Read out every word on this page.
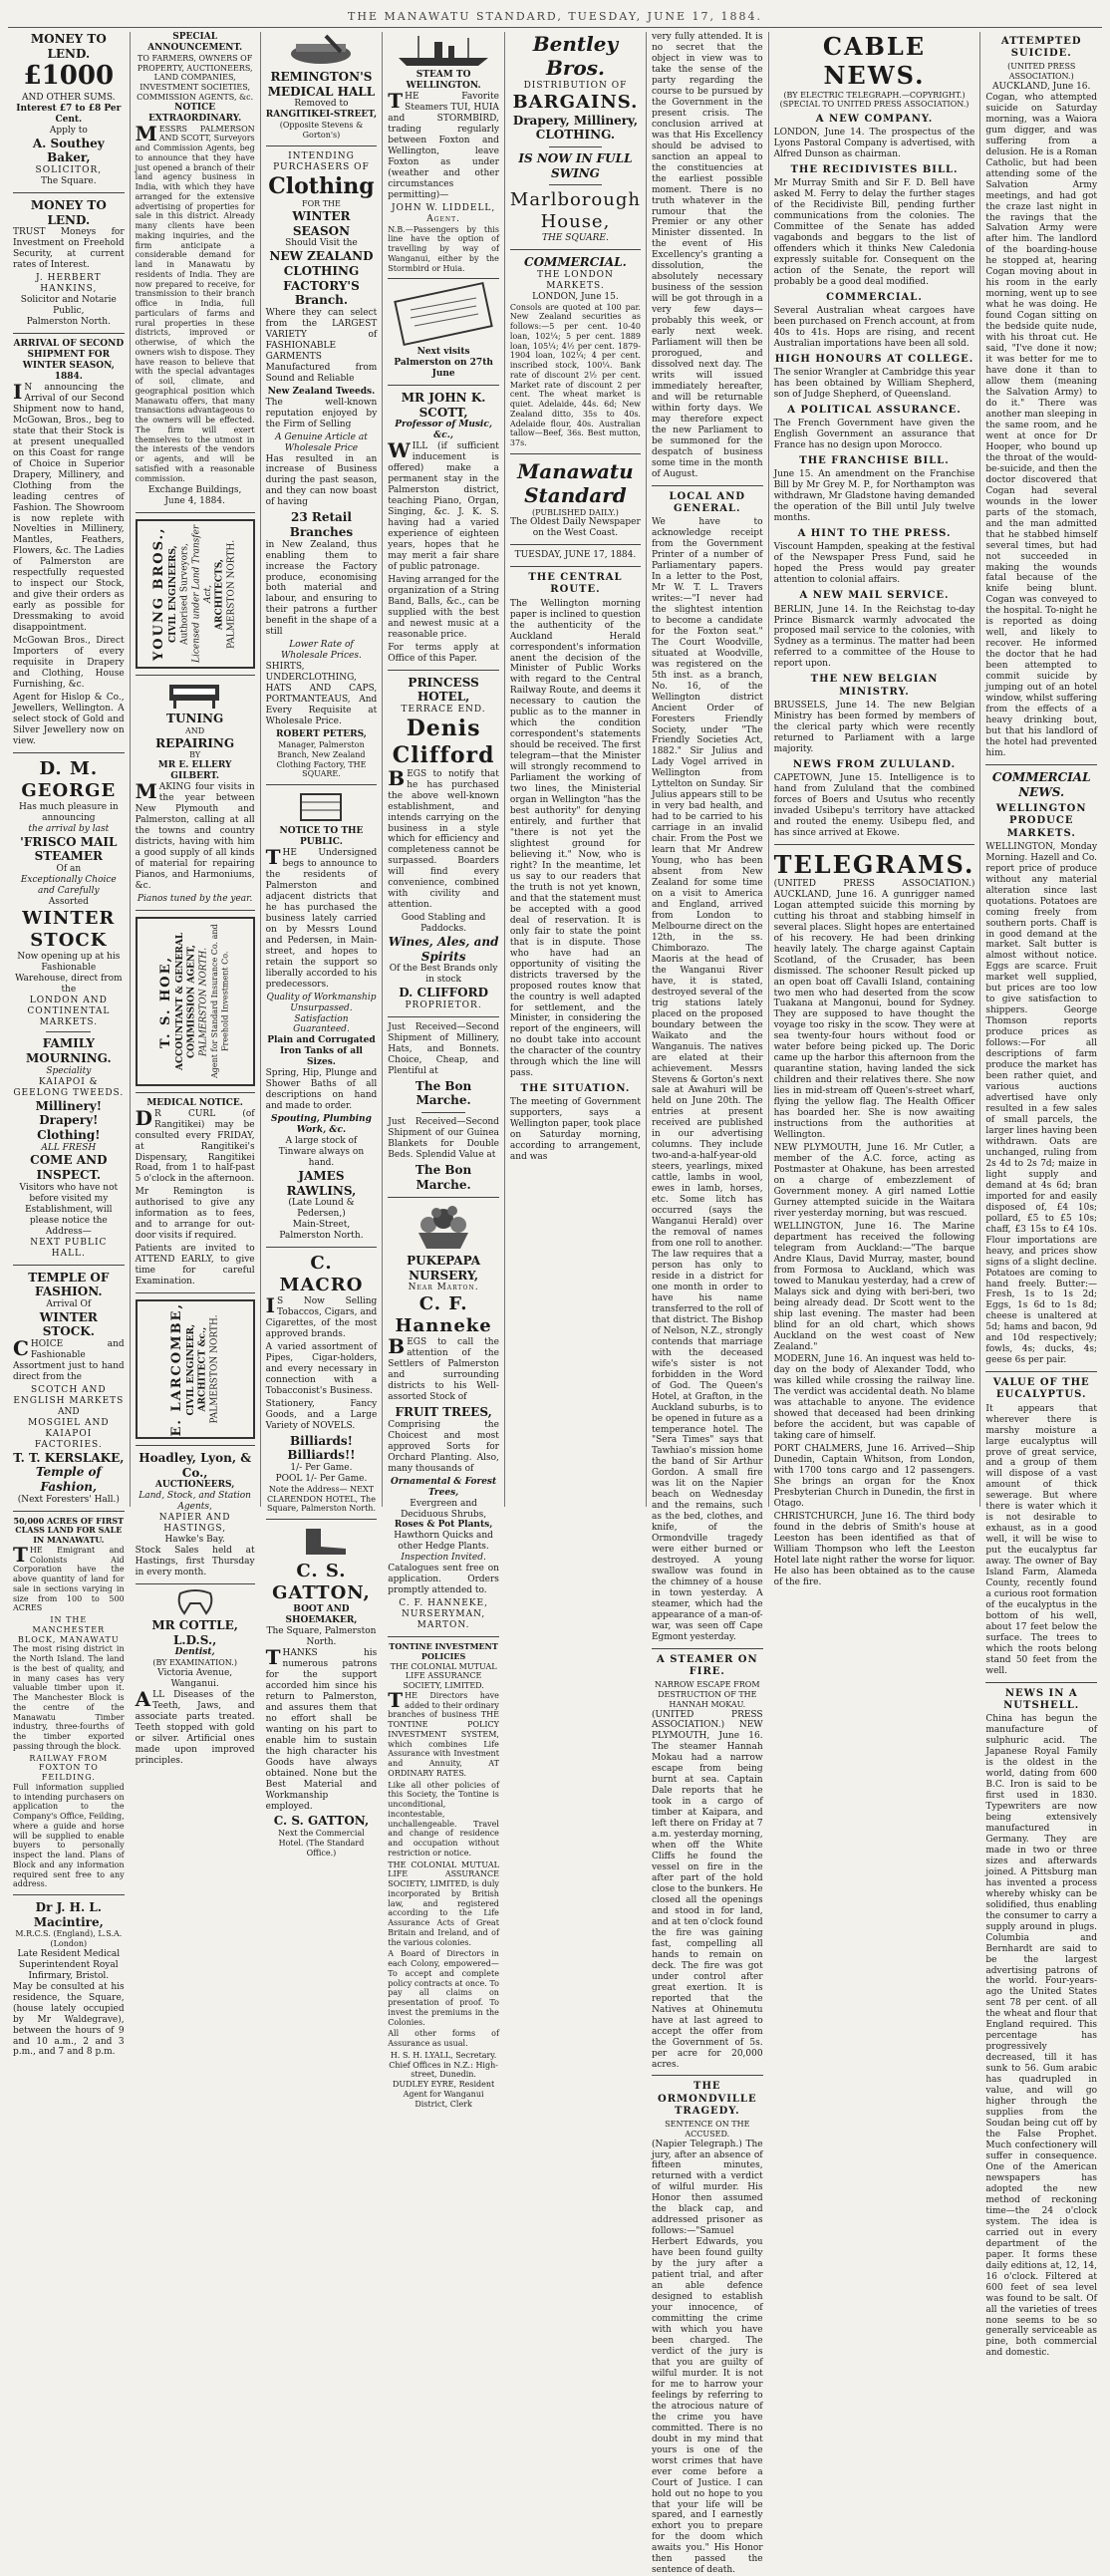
THE MANAWATU STANDARD, TUESDAY, JUNE 17, 1884.
MONEY TO LEND.
£1000
AND OTHER SUMS.
Interest £7 to £8 Per Cent.
Apply to
A. Southey Baker,
SOLICITOR,
The Square.
MONEY TO LEND.

TRUST Moneys for Investment on Freehold Security, at current rates of Interest.

J. HERBERT HANKINS,
Solicitor and Notarie Public,
Palmerston North.
ARRIVAL OF SECOND SHIPMENT FOR WINTER SEASON, 1884.

IN announcing the Arrival of our Second Shipment now to hand, McGowan, Bros., beg to state that their Stock is at present unequalled on this Coast for range of Choice in Superior Drapery, Millinery, and Clothing from the leading centres of Fashion. The Showroom is now replete with Novelties in Millinery, Mantles, Feathers, Flowers, &c. The Ladies of Palmerston are respectfully requested to inspect our Stock, and give their orders as early as possible for Dressmaking to avoid disappointment.

McGowan Bros., Direct Importers of every requisite in Drapery and Clothing, House Furnishing, &c.

Agent for Hislop & Co., Jewellers, Wellington. A select stock of Gold and Silver Jewellery now on view.

D. M. GEORGE
Has much pleasure in announcing
the arrival by last
'FRISCO MAIL STEAMER
Of an
Exceptionally Choice and Carefully
Assorted
WINTER STOCK
Now opening up at his Fashionable
Warehouse, direct from the
LONDON AND CONTINENTAL
MARKETS.
FAMILY MOURNING.
Speciality
KAIAPOI & GEELONG TWEEDS.
Millinery! Drapery! Clothing!
ALL FRESH
COME AND INSPECT.
Visitors who have not before visited my Establishment, will please notice the Address—
NEXT PUBLIC HALL.
TEMPLE OF FASHION.
Arrival Of
WINTER STOCK.

CHOICE and Fashionable Assortment just to hand direct from the

SCOTCH AND ENGLISH MARKETS
AND
MOSGIEL AND KAIAPOI
FACTORIES.
T. T. KERSLAKE,
Temple of Fashion,
(Next Foresters' Hall.)
50,000 ACRES OF FIRST CLASS LAND FOR SALE IN MANAWATU.

THE Emigrant and Colonists Aid Corporation have the above quantity of land for sale in sections varying in size from 100 to 500 ACRES

IN THE MANCHESTER BLOCK, MANAWATU

The most rising district in the North Island. The land is the best of quality, and in many cases has very valuable timber upon it. The Manchester Block is the centre of the Manawatu Timber industry, three-fourths of the timber exported passing through the block.

RAILWAY FROM FOXTON TO FEILDING.

Full information supplied to intending purchasers on application to the Company's Office, Feilding, where a guide and horse will be supplied to enable buyers to personally inspect the land. Plans of Block and any information required sent free to any address.

Dr J. H. L. Macintire,
M.R.C.S. (England), L.S.A. (London)
Late Resident Medical Superintendent Royal Infirmary, Bristol.

May be consulted at his residence, the Square, (house lately occupied by Mr Waldegrave), between the hours of 9 and 10 a.m., 2 and 3 p.m., and 7 and 8 p.m.

SPECIAL ANNOUNCEMENT.
TO FARMERS, OWNERS OF PROPERTY, AUCTIONEERS, LAND COMPANIES, INVESTMENT SOCIETIES, COMMISSION AGENTS, &c.
NOTICE EXTRAORDINARY.

MESSRS PALMERSON AND SCOTT, Surveyors and Commission Agents, beg to announce that they have just opened a branch of their land agency business in India, with which they have arranged for the extensive advertising of properties for sale in this district. Already many clients have been making inquiries, and the firm anticipate a considerable demand for land in Manawatu by residents of India. They are now prepared to receive, for transmission to their branch office in India, full particulars of farms and rural properties in these districts, improved or otherwise, of which the owners wish to dispose. They have reason to believe that with the special advantages of soil, climate, and geographical position which Manawatu offers, that many transactions advantageous to the owners will be effected. The firm will exert themselves to the utmost in the interests of the vendors or agents, and will be satisfied with a reasonable commission.

Exchange Buildings,
June 4, 1884.
YOUNG BROS., CIVIL ENGINEERS, Authorised Surveyors, Licensed under Land Transfer Act, ARCHITECTS, PALMERSTON NORTH.
TUNING
AND
REPAIRING
BY
MR E. ELLERY GILBERT.

MAKING four visits in the year between New Plymouth and Palmerston, calling at all the towns and country districts, having with him a good supply of all kinds of material for repairing Pianos, and Harmoniums, &c.

Pianos tuned by the year.
T. S. HOE, ACCOUNTANT & GENERAL COMMISSION AGENT, PALMERSTON NORTH. Agent for Standard Insurance Co. and Freehold Investment Co.
MEDICAL NOTICE.

DR CURL (of Rangitikei) may be consulted every FRIDAY, at Rangitikei's Dispensary, Rangitikei Road, from 1 to half-past 5 o'clock in the afternoon.

Mr Remington is authorised to give any information as to fees, and to arrange for out-door visits if required.

Patients are invited to ATTEND EARLY, to give time for careful Examination.

E. LARCOMBE, CIVIL ENGINEER, ARCHITECT &c., PALMERSTON NORTH.
Hoadley, Lyon, & Co.,
AUCTIONEERS,
Land, Stock, and Station Agents,
NAPIER AND HASTINGS,
Hawke's Bay.

Stock Sales held at Hastings, first Thursday in every month.

MR COTTLE, L.D.S.,
Dentist,
(BY EXAMINATION.)
Victoria Avenue, Wanganui.

ALL Diseases of the Teeth, Jaws, and associate parts treated. Teeth stopped with gold or silver. Artificial ones made upon improved principles.

REMINGTON'S
MEDICAL HALL
Removed to
RANGITIKEI-STREET,
(Opposite Stevens & Gorton's)
INTENDING PURCHASERS OF
Clothing
FOR THE
WINTER SEASON
Should Visit the
NEW ZEALAND
CLOTHING FACTORY'S
Branch.

Where they can select from the LARGEST VARIETY of FASHIONABLE GARMENTS Manufactured from Sound and Reliable

New Zealand Tweeds.

The well-known reputation enjoyed by the Firm of Selling

A Genuine Article at Wholesale Price

Has resulted in an increase of Business during the past season, and they can now boast of having

23 Retail Branches

in New Zealand, thus enabling them to increase the Factory produce, economising both material and labour, and ensuring to their patrons a further benefit in the shape of a still

Lower Rate of Wholesale Prices.

SHIRTS, UNDERCLOTHING, HATS AND CAPS, PORTMANTEAUS, And Every Requisite at Wholesale Price.

ROBERT PETERS,
Manager, Palmerston Branch, New Zealand Clothing Factory, THE SQUARE.
NOTICE TO THE PUBLIC.

THE Undersigned begs to announce to the residents of Palmerston and adjacent districts that he has purchased the business lately carried on by Messrs Lound and Pedersen, in Main-street, and hopes to retain the support so liberally accorded to his predecessors.

Quality of Workmanship Unsurpassed.
Satisfaction Guaranteed.
Plain and Corrugated Iron Tanks of all Sizes.

Spring, Hip, Plunge and Shower Baths of all descriptions on hand and made to order.

Spouting, Plumbing Work, &c.
A large stock of Tinware always on hand.
JAMES RAWLINS,
(Late Lound & Pedersen,)
Main-Street, Palmerston North.
C. MACRO

IS Now Selling Tobaccos, Cigars, and Cigarettes, of the most approved brands.

A varied assortment of Pipes, Cigar-holders, and every necessary in connection with a Tobacconist's Business.

Stationery, Fancy Goods, and a Large Variety of NOVELS.

Billiards! Billiards!!
1/- Per Game.
POOL 1/- Per Game.
Note the Address— NEXT CLARENDON HOTEL, The Square, Palmerston North.
C. S. GATTON,
BOOT AND SHOEMAKER,
The Square, Palmerston North.

THANKS his numerous patrons for the support accorded him since his return to Palmerston, and assures them that no effort shall be wanting on his part to enable him to sustain the high character his Goods have always obtained. None but the Best Material and Workmanship employed.

C. S. GATTON,
Next the Commercial Hotel. (The Standard Office.)
STEAM TO WELLINGTON.

THE Favorite Steamers TUI, HUIA and STORMBIRD, trading regularly between Foxton and Wellington, leave Foxton as under (weather and other circumstances permitting)—

JOHN W. LIDDELL, Agent.

N.B.—Passengers by this line have the option of travelling by way of Wanganui, either by the Stormbird or Huia.

Next visits Palmerston on 27th June
MR JOHN K. SCOTT,
Professor of Music, &c.,

WILL (if sufficient inducement is offered) make a permanent stay in the Palmerston district, teaching Piano, Organ, Singing, &c. J. K. S. having had a varied experience of eighteen years, hopes that he may merit a fair share of public patronage.

Having arranged for the organization of a String Band, Balls, &c., can be supplied with the best and newest music at a reasonable price.

For terms apply at Office of this Paper.

PRINCESS HOTEL,
TERRACE END.
Denis Clifford

BEGS to notify that he has purchased the above well-known establishment, and intends carrying on the business in a style which for efficiency and completeness cannot be surpassed. Boarders will find every convenience, combined with civility and attention.

Good Stabling and Paddocks.
Wines, Ales, and Spirits
Of the Best Brands only in stock
D. CLIFFORD
PROPRIETOR.

Just Received—Second Shipment of Millinery, Hats, and Bonnets. Choice, Cheap, and Plentiful at

The Bon Marche.

Just Received—Second Shipment of our Guinea Blankets for Double Beds. Splendid Value at

The Bon Marche.
PUKEPAPA NURSERY,
Near Marton.
C. F. Hanneke

BEGS to call the attention of the Settlers of Palmerston and surrounding districts to his Well-assorted Stock of

FRUIT TREES,

Comprising the Choicest and most approved Sorts for Orchard Planting. Also, many thousands of

Ornamental & Forest Trees,
Evergreen and Deciduous Shrubs,
Roses & Pot Plants,
Hawthorn Quicks and other Hedge Plants.
Inspection Invited.

Catalogues sent free on application. Orders promptly attended to.

C. F. HANNEKE,
NURSERYMAN, MARTON.
TONTINE INVESTMENT POLICIES
THE COLONIAL MUTUAL LIFE ASSURANCE SOCIETY, LIMITED.

THE Directors have added to their ordinary branches of business THE TONTINE POLICY INVESTMENT SYSTEM, which combines Life Assurance with Investment and Annuity, AT ORDINARY RATES.

Like all other policies of this Society, the Tontine is unconditional, incontestable, unchallengeable. Travel and change of residence and occupation without restriction or notice.

THE COLONIAL MUTUAL LIFE ASSURANCE SOCIETY, LIMITED, is duly incorporated by British law, and registered according to the Life Assurance Acts of Great Britain and Ireland, and of the various colonies.

A Board of Directors in each Colony, empowered— To accept and complete policy contracts at once. To pay all claims on presentation of proof. To invest the premiums in the Colonies.

All other forms of Assurance as usual.

H. S. H. LYALL, Secretary. Chief Offices in N.Z.: High-street, Dunedin.
DUDLEY EYRE, Resident Agent for Wanganui District, Clerk
Bentley Bros.
DISTRIBUTION OF
BARGAINS.
Drapery, Millinery,
CLOTHING.
IS NOW IN FULL SWING
Marlborough House,
THE SQUARE.
COMMERCIAL.
THE LONDON MARKETS.
LONDON, June 15.

Consols are quoted at 100 par. New Zealand securities as follows:—5 per cent. 10-40 loan, 102¼; 5 per cent. 1889 loan, 105¼; 4½ per cent. 1879-1904 loan, 102¼; 4 per cent. inscribed stock, 100¼. Bank rate of discount 2½ per cent. Market rate of discount 2 per cent. The wheat market is quiet. Adelaide, 44s. 6d; New Zealand ditto, 35s to 40s. Adelaide flour, 40s. Australian tallow—Beef, 36s. Best mutton, 37s.

Manawatu Standard
(PUBLISHED DAILY.)
The Oldest Daily Newspaper on the West Coast.
TUESDAY, JUNE 17, 1884.
THE CENTRAL ROUTE.

The Wellington morning paper is inclined to question the authenticity of the Auckland Herald correspondent's information anent the decision of the Minister of Public Works with regard to the Central Railway Route, and deems it necessary to caution the public as to the manner in which the condition correspondent's statements should be received. The first telegram—that the Minister will strongly recommend to Parliament the working of two lines, the Ministerial organ in Wellington "has the best authority" for denying entirely, and further that "there is not yet the slightest ground for believing it." Now, who is right? In the meantime, let us say to our readers that the truth is not yet known, and that the statement must be accepted with a good deal of reservation. It is only fair to state the point that is in dispute. Those who have had an opportunity of visiting the districts traversed by the proposed routes know that the country is well adapted for settlement, and the Minister, in considering the report of the engineers, will no doubt take into account the character of the country through which the line will pass.

THE SITUATION.

The meeting of Government supporters, says a Wellington paper, took place on Saturday morning, according to arrangement, and was

very fully attended. It is no secret that the object in view was to take the sense of the party regarding the course to be pursued by the Government in the present crisis. The conclusion arrived at was that His Excellency should be advised to sanction an appeal to the constituencies at the earliest possible moment. There is no truth whatever in the rumour that the Premier or any other Minister dissented. In the event of His Excellency's granting a dissolution, the absolutely necessary business of the session will be got through in a very few days—probably this week, or early next week. Parliament will then be prorogued, and dissolved next day. The writs will issued immediately hereafter, and will be returnable within forty days. We may therefore expect the new Parliament to be summoned for the despatch of business some time in the month of August.

LOCAL AND GENERAL.

We have to acknowledge receipt from the Government Printer of a number of Parliamentary papers. In a letter to the Post, Mr W. T. L. Travers writes:—"I never had the slightest intention to become a candidate for the Foxton seat." The Court Woodville, situated at Woodville, was registered on the 5th inst. as a branch, No. 16, of the Wellington district Ancient Order of Foresters Friendly Society, under "The Friendly Societies Act, 1882." Sir Julius and Lady Vogel arrived in Wellington from Lyttelton on Sunday. Sir Julius appears still to be in very bad health, and had to be carried to his carriage in an invalid chair. From the Post we learn that Mr Andrew Young, who has been absent from New Zealand for some time on a visit to America and England, arrived from London to Melbourne direct on the 12th, in the ss. Chimborazo. The Maoris at the head of the Wanganui River have, it is stated, destroyed several of the trig stations lately placed on the proposed boundary between the Waikato and the Wanganuis. The natives are elated at their achievement. Messrs Stevens & Gorton's next sale at Awahuri will be held on June 20th. The entries at present received are published in our advertising columns. They include two-and-a-half-year-old steers, yearlings, mixed cattle, lambs in wool, ewes in lamb, horses, etc. Some litch has occurred (says the Wanganui Herald) over the removal of names from one roll to another. The law requires that a person has only to reside in a district for one month in order to have his name transferred to the roll of that district. The Bishop of Nelson, N.Z., strongly contends that marriage with the deceased wife's sister is not forbidden in the Word of God. The Queen's Hotel, at Grafton, in the Auckland suburbs, is to be opened in future as a temperance hotel. The "Sera Times" says that Tawhiao's mission home the band of Sir Arthur Gordon. A small fire was lit on the Napier beach on Wednesday and the remains, such as the bed, clothes, and knife, of the Ormondville tragedy were either burned or destroyed. A young swallow was found in the chimney of a house in town yesterday. A steamer, which had the appearance of a man-of-war, was seen off Cape Egmont yesterday.

A STEAMER ON FIRE.
NARROW ESCAPE FROM DESTRUCTION OF THE HANNAH MOKAU.

(UNITED PRESS ASSOCIATION.) NEW PLYMOUTH, June 16. The steamer Hannah Mokau had a narrow escape from being burnt at sea. Captain Dale reports that he took in a cargo of timber at Kaipara, and left there on Friday at 7 a.m. yesterday morning, when off the White Cliffs he found the vessel on fire in the after part of the hold close to the bunkers. He closed all the openings and stood in for land, and at ten o'clock found the fire was gaining fast, compelling all hands to remain on deck. The fire was got under control after great exertion. It is reported that the Natives at Ohinemutu have at last agreed to accept the offer from the Government of 5s. per acre for 20,000 acres.

THE ORMONDVILLE TRAGEDY.
SENTENCE ON THE ACCUSED.

(Napier Telegraph.) The jury, after an absence of fifteen minutes, returned with a verdict of wilful murder. His Honor then assumed the black cap, and addressed prisoner as follows:—"Samuel Herbert Edwards, you have been found guilty by the jury after a patient trial, and after an able defence designed to establish your innocence, of committing the crime with which you have been charged. The verdict of the jury is that you are guilty of wilful murder. It is not for me to harrow your feelings by referring to the atrocious nature of the crime you have committed. There is no doubt in my mind that yours is one of the worst crimes that have ever come before a Court of Justice. I can hold out no hope to you that your life will be spared, and I earnestly exhort you to prepare for the doom which awaits you." His Honor then passed the sentence of death.

CABLE NEWS.
(BY ELECTRIC TELEGRAPH.—COPYRIGHT.) (SPECIAL TO UNITED PRESS ASSOCIATION.)
A NEW COMPANY.

LONDON, June 14. The prospectus of the Lyons Pastoral Company is advertised, with Alfred Dunson as chairman.

THE RECIDIVISTES BILL.

Mr Murray Smith and Sir F. D. Bell have asked M. Ferry to delay the further stages of the Recidiviste Bill, pending further communications from the colonies. The Committee of the Senate has added vagabonds and beggars to the list of offenders which it thinks New Caledonia expressly suitable for. Consequent on the action of the Senate, the report will probably be a good deal modified.

COMMERCIAL.

Several Australian wheat cargoes have been purchased on French account, at from 40s to 41s. Hops are rising, and recent Australian importations have been all sold.

HIGH HONOURS AT COLLEGE.

The senior Wrangler at Cambridge this year has been obtained by William Shepherd, son of Judge Shepherd, of Queensland.

A POLITICAL ASSURANCE.

The French Government have given the English Government an assurance that France has no design upon Morocco.

THE FRANCHISE BILL.

June 15. An amendment on the Franchise Bill by Mr Grey M. P., for Northampton was withdrawn, Mr Gladstone having demanded the operation of the Bill until July twelve months.

A HINT TO THE PRESS.

Viscount Hampden, speaking at the festival of the Newspaper Press Fund, said he hoped the Press would pay greater attention to colonial affairs.

A NEW MAIL SERVICE.

BERLIN, June 14. In the Reichstag to-day Prince Bismarck warmly advocated the proposed mail service to the colonies, with Sydney as a terminus. The matter had been referred to a committee of the House to report upon.

THE NEW BELGIAN MINISTRY.

BRUSSELS, June 14. The new Belgian Ministry has been formed by members of the clerical party which were recently returned to Parliament with a large majority.

NEWS FROM ZULULAND.

CAPETOWN, June 15. Intelligence is to hand from Zululand that the combined forces of Boers and Usutus who recently invaded Usibepu's territory have attacked and routed the enemy. Usibepu fled, and has since arrived at Ekowe.

TELEGRAMS.

(UNITED PRESS ASSOCIATION.) AUCKLAND, June 16. A gunrigger named Logan attempted suicide this morning by cutting his throat and stabbing himself in several places. Slight hopes are entertained of his recovery. He had been drinking heavily lately. The charge against Captain Scotland, of the Crusader, has been dismissed. The schooner Result picked up an open boat off Cavalli Island, containing two men who had deserted from the scow Tuakana at Mangonui, bound for Sydney. They are supposed to have thought the voyage too risky in the scow. They were at sea twenty-four hours without food or water before being picked up. The Doric came up the harbor this afternoon from the quarantine station, having landed the sick children and their relatives there. She now lies in mid-stream off Queen's-street wharf, flying the yellow flag. The Health Officer has boarded her. She is now awaiting instructions from the authorities at Wellington.

NEW PLYMOUTH, June 16. Mr Cutler, a member of the A.C. force, acting as Postmaster at Ohakune, has been arrested on a charge of embezzlement of Government money. A girl named Lottie Gurney attempted suicide in the Waitara river yesterday morning, but was rescued.

WELLINGTON, June 16. The Marine department has received the following telegram from Auckland:—"The barque Andre Klaus, David Murray, master, bound from Formosa to Auckland, which was towed to Manukau yesterday, had a crew of Malays sick and dying with beri-beri, two being already dead. Dr Scott went to the ship last evening. The master had been blind for an old chart, which shows Auckland on the west coast of New Zealand."

MODERN, June 16. An inquest was held to-day on the body of Alexander Todd, who was killed while crossing the railway line. The verdict was accidental death. No blame was attachable to anyone. The evidence showed that deceased had been drinking before the accident, but was capable of taking care of himself.

PORT CHALMERS, June 16. Arrived—Ship Dunedin, Captain Whitson, from London, with 1700 tons cargo and 12 passengers. She brings an organ for the Knox Presbyterian Church in Dunedin, the first in Otago.

CHRISTCHURCH, June 16. The third body found in the debris of Smith's house at Leeston has been identified as that of William Thompson who left the Leeston Hotel late night rather the worse for liquor. He also has been obtained as to the cause of the fire.

ATTEMPTED SUICIDE.
(UNITED PRESS ASSOCIATION.)
AUCKLAND, June 16.

Cogan, who attempted suicide on Saturday morning, was a Waiora gum digger, and was suffering from a delusion. He is a Roman Catholic, but had been attending some of the Salvation Army meetings, and had got the craze last night in the ravings that the Salvation Army were after him. The landlord of the boarding-house he stopped at, hearing Cogan moving about in his room in the early morning, went up to see what he was doing. He found Cogan sitting on the bedside quite nude, with his throat cut. He said, "I've done it now; it was better for me to have done it than to allow them (meaning the Salvation Army) to do it." There was another man sleeping in the same room, and he went at once for Dr Hooper, who bound up the throat of the would-be-suicide, and then the doctor discovered that Cogan had several wounds in the lower parts of the stomach, and the man admitted that he stabbed himself several times, but had not succeeded in making the wounds fatal because of the knife being blunt. Cogan was conveyed to the hospital. To-night he is reported as doing well, and likely to recover. He informed the doctor that he had been attempted to commit suicide by jumping out of an hotel window, whilst suffering from the effects of a heavy drinking bout, but that his landlord of the hotel had prevented him.

COMMERCIAL NEWS.
WELLINGTON PRODUCE MARKETS.

WELLINGTON, Monday Morning. Hazell and Co. report price of produce without any material alteration since last quotations. Potatoes are coming freely from southern ports. Chaff is in good demand at the market. Salt butter is almost without notice. Eggs are scarce. Fruit market well supplied, but prices are too low to give satisfaction to shippers. George Thomson reports produce prices as follows:—For all descriptions of farm produce the market has been rather quiet, and various auctions advertised have only resulted in a few sales of small parcels, the larger lines having been withdrawn. Oats are unchanged, ruling from 2s 4d to 2s 7d; maize in light supply and demand at 4s 6d; bran imported for and easily disposed of, £4 10s; pollard, £5 to £5 10s; chaff, £3 15s to £4 10s. Flour importations are heavy, and prices show signs of a slight decline. Potatoes are coming to hand freely. Butter:—Fresh, 1s to 1s 2d; Eggs, 1s 6d to 1s 8d; cheese is unaltered at 5d; hams and bacon, 9d and 10d respectively; fowls, 4s; ducks, 4s; geese 6s per pair.

VALUE OF THE EUCALYPTUS.

It appears that wherever there is marshy moisture a large eucalyptus will prove of great service, and a group of them will dispose of a vast amount of thick sewerage. But where there is water which it is not desirable to exhaust, as in a good well, it will be wise to put the eucalyptus far away. The owner of Bay Island Farm, Alameda County, recently found a curious root formation of the eucalyptus in the bottom of his well, about 17 feet below the surface. The trees to which the roots belong stand 50 feet from the well.

NEWS IN A NUTSHELL.

China has begun the manufacture of sulphuric acid. The Japanese Royal Family is the oldest in the world, dating from 600 B.C. Iron is said to be first used in 1830. Typewriters are now being extensively manufactured in Germany. They are made in two or three sizes and afterwards joined. A Pittsburg man has invented a process whereby whisky can be solidified, thus enabling the consumer to carry a supply around in plugs. Columbia and Bernhardt are said to be the largest advertising patrons of the world. Four-years-ago the United States sent 78 per cent. of all the wheat and flour that England required. This percentage has progressively decreased, till it has sunk to 56. Gum arabic has quadrupled in value, and will go higher through the supplies from the Soudan being cut off by the False Prophet. Much confectionery will suffer in consequence. One of the American newspapers has adopted the new method of reckoning time—the 24 o'clock system. The idea is carried out in every department of the paper. It forms these daily editions at, 12, 14, 16 o'clock. Filtered at 600 feet of sea level was found to be salt. Of all the varieties of trees none seems to be so generally serviceable as pine, both commercial and domestic.
